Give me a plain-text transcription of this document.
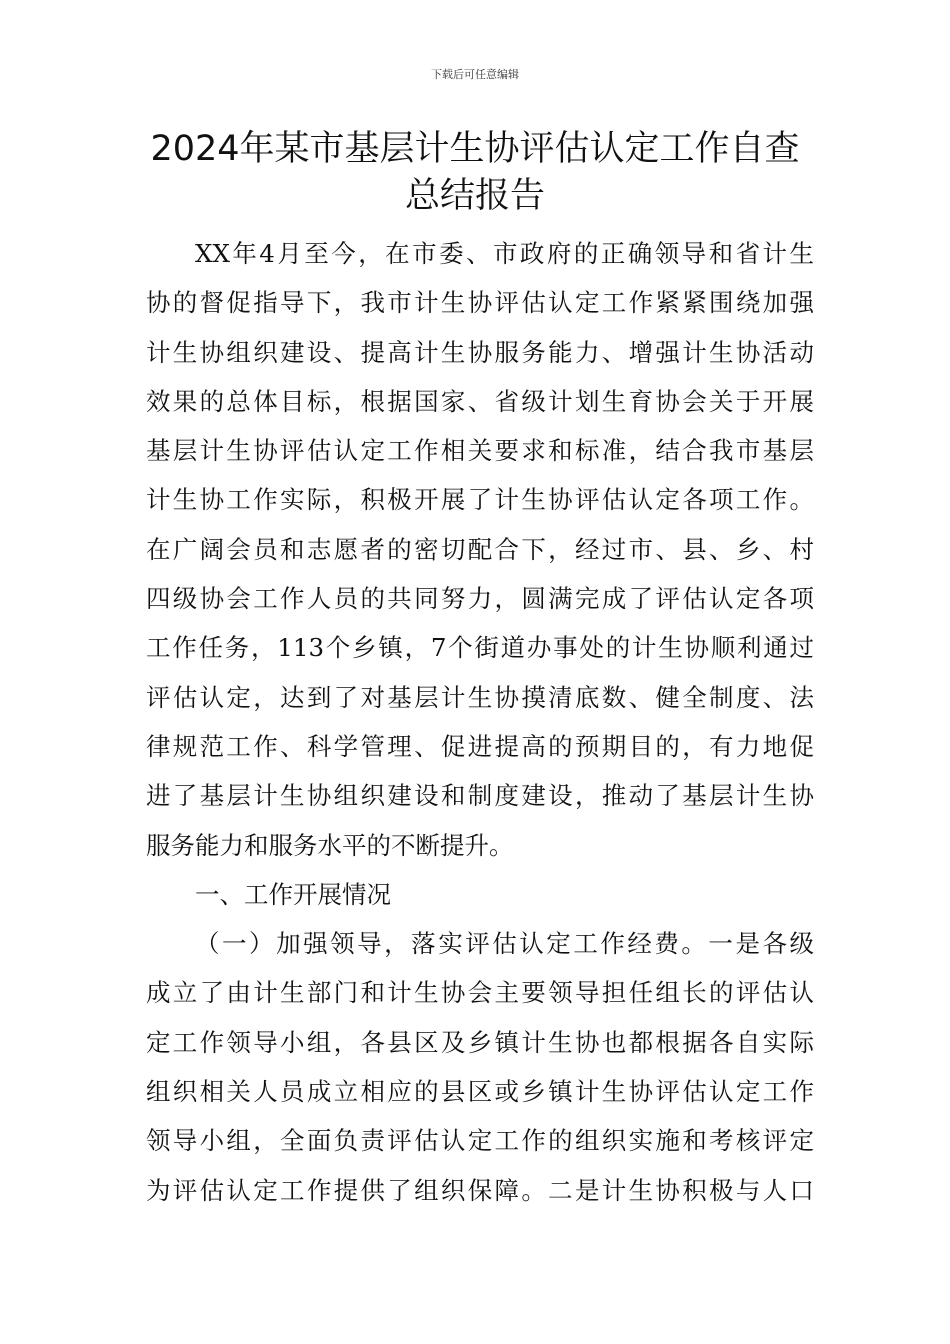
下载后可任意编辑
2024年某市基层计生协评估认定工作自查
总结报告
XX年4月至今，在市委、市政府的正确领导和省计生
协的督促指导下，我市计生协评估认定工作紧紧围绕加强
计生协组织建设、提高计生协服务能力、增强计生协活动
效果的总体目标，根据国家、省级计划生育协会关于开展
基层计生协评估认定工作相关要求和标准，结合我市基层
计生协工作实际，积极开展了计生协评估认定各项工作。
在广阔会员和志愿者的密切配合下，经过市、县、乡、村
四级协会工作人员的共同努力，圆满完成了评估认定各项
工作任务，113个乡镇，7个街道办事处的计生协顺利通过
评估认定，达到了对基层计生协摸清底数、健全制度、法
律规范工作、科学管理、促进提高的预期目的，有力地促
进了基层计生协组织建设和制度建设，推动了基层计生协
服务能力和服务水平的不断提升。
一、工作开展情况
（一）加强领导，落实评估认定工作经费。一是各级
成立了由计生部门和计生协会主要领导担任组长的评估认
定工作领导小组，各县区及乡镇计生协也都根据各自实际
组织相关人员成立相应的县区或乡镇计生协评估认定工作
领导小组，全面负责评估认定工作的组织实施和考核评定
为评估认定工作提供了组织保障。二是计生协积极与人口
